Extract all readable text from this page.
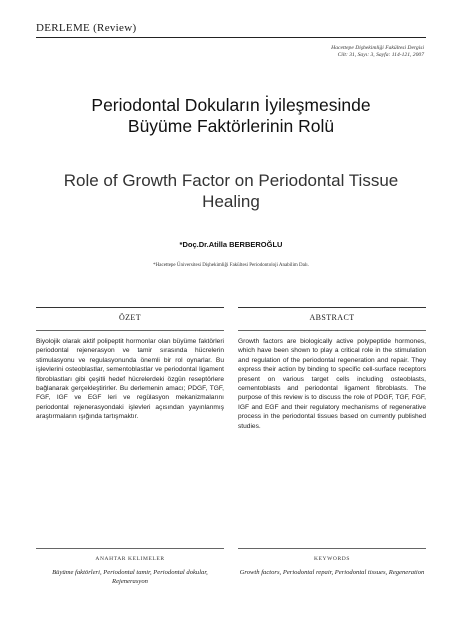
DERLEME (Review)
Hacettepe Dişhekimliği Fakültesi Dergisi
Cilt: 31, Sayı: 3, Sayfa: 114-121, 2007
Periodontal Dokuların İyileşmesinde
Büyüme Faktörlerinin Rolü
Role of Growth Factor on Periodontal Tissue
Healing
*Doç.Dr.Atilla BERBEROĞLU
*Hacettepe Üniversitesi Dişhekimliği Fakültesi Periodontoloji Anabilim Dalı.
ÖZET
Biyolojik olarak aktif polipeptit hormonlar olan büyüme faktörleri periodontal rejenerasyon ve tamir sırasında hücrelerin stimulasyonu ve regulasyonunda önemli bir rol oynarlar. Bu işlevlerini osteoblastlar, sementoblastlar ve periodontal ligament fibroblastları gibi çeşitli hedef hücrelerdeki özgün reseptörlere bağlanarak gerçekleştirirler. Bu derlemenin amacı; PDGF, TGF, FGF, IGF ve EGF leri ve regülasyon mekanizmalarını periodontal rejenerasyondaki işlevleri açısından yayınlanmış araştırmaların ışığında tartışmaktır.
ABSTRACT
Growth factors are biologically active polypeptide hormones, which have been shown to play a critical role in the stimulation and regulation of the periodontal regeneration and repair. They express their action by binding to specific cell-surface receptors present on various target cells including osteoblasts, cementoblasts and periodontal ligament fibroblasts. The purpose of this review is to discuss the role of PDGF, TGF, FGF, IGF and EGF and their regulatory mechanisms of regenerative process in the periodontal tissues based on currently published studies.
ANAHTAR KELIMELER
Büyüme faktörleri, Periodontal tamir, Periodontal dokular, Rejenerasyon
KEYWORDS
Growth factors, Periodontal repair, Periodontal tissues, Regeneration
